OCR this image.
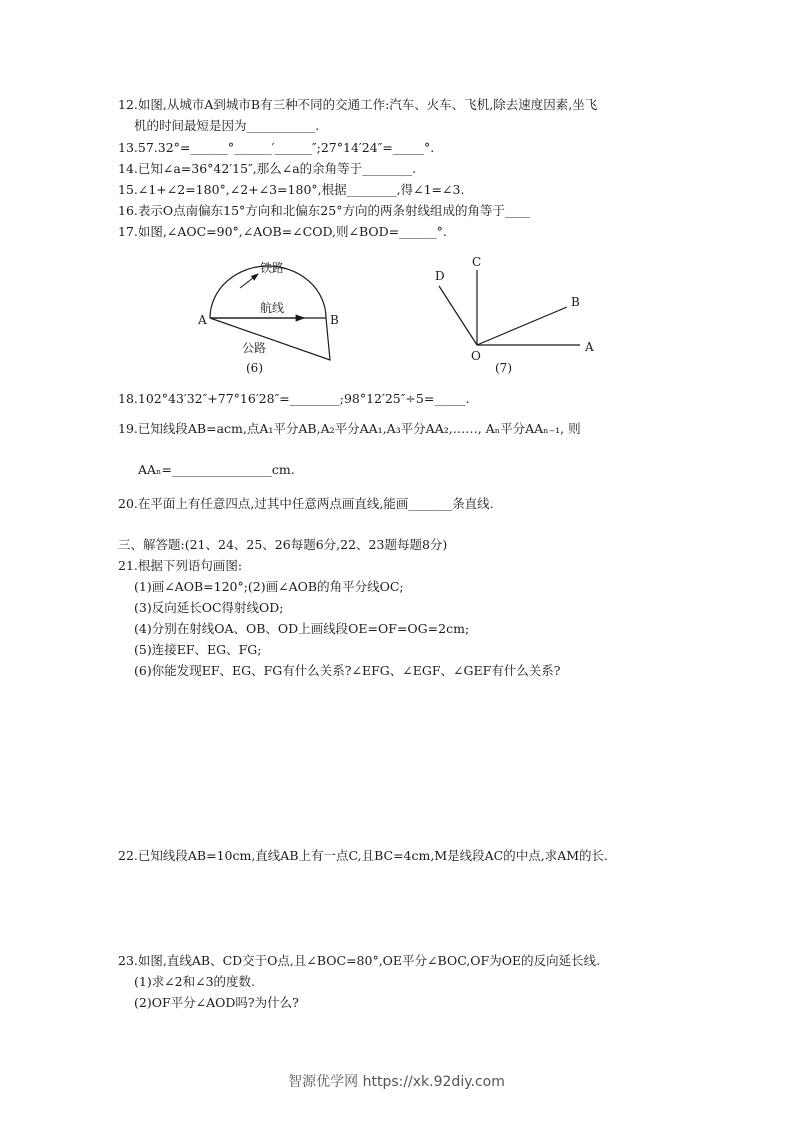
12.如图,从城市A到城市B有三种不同的交通工作:汽车、火车、飞机,除去速度因素,坐飞
机的时间最短是因为___________.
13.57.32°=______°______′______″;27°14′24″=_____°.
14.已知∠a=36°42′15″,那么∠a的余角等于________.
15.∠1+∠2=180°,∠2+∠3=180°,根据________,得∠1=∠3.
16.表示O点南偏东15°方向和北偏东25°方向的两条射线组成的角等于____
17.如图,∠AOC=90°,∠AOB=∠COD,则∠BOD=______°.
铁路
航线
公路
A	B
(6)
C
D
B
A
O
(7)
18.102°43′32″+77°16′28″=________;98°12′25″÷5=_____.
19.已知线段AB=acm,点A₁平分AB,A₂平分AA₁,A₃平分AA₂,……, Aₙ平分AAₙ₋₁, 则
AAₙ=________________cm.
20.在平面上有任意四点,过其中任意两点画直线,能画_______条直线.
三、解答题:(21、24、25、26每题6分,22、23题每题8分)
21.根据下列语句画图:
(1)画∠AOB=120°;(2)画∠AOB的角平分线OC;
(3)反向延长OC得射线OD;
(4)分别在射线OA、OB、OD上画线段OE=OF=OG=2cm;
(5)连接EF、EG、FG;
(6)你能发现EF、EG、FG有什么关系?∠EFG、∠EGF、∠GEF有什么关系?
22.已知线段AB=10cm,直线AB上有一点C,且BC=4cm,M是线段AC的中点,求AM的长.
23.如图,直线AB、CD交于O点,且∠BOC=80°,OE平分∠BOC,OF为OE的反向延长线.
(1)求∠2和∠3的度数.
(2)OF平分∠AOD吗?为什么?
智源优学网 https://xk.92diy.com
